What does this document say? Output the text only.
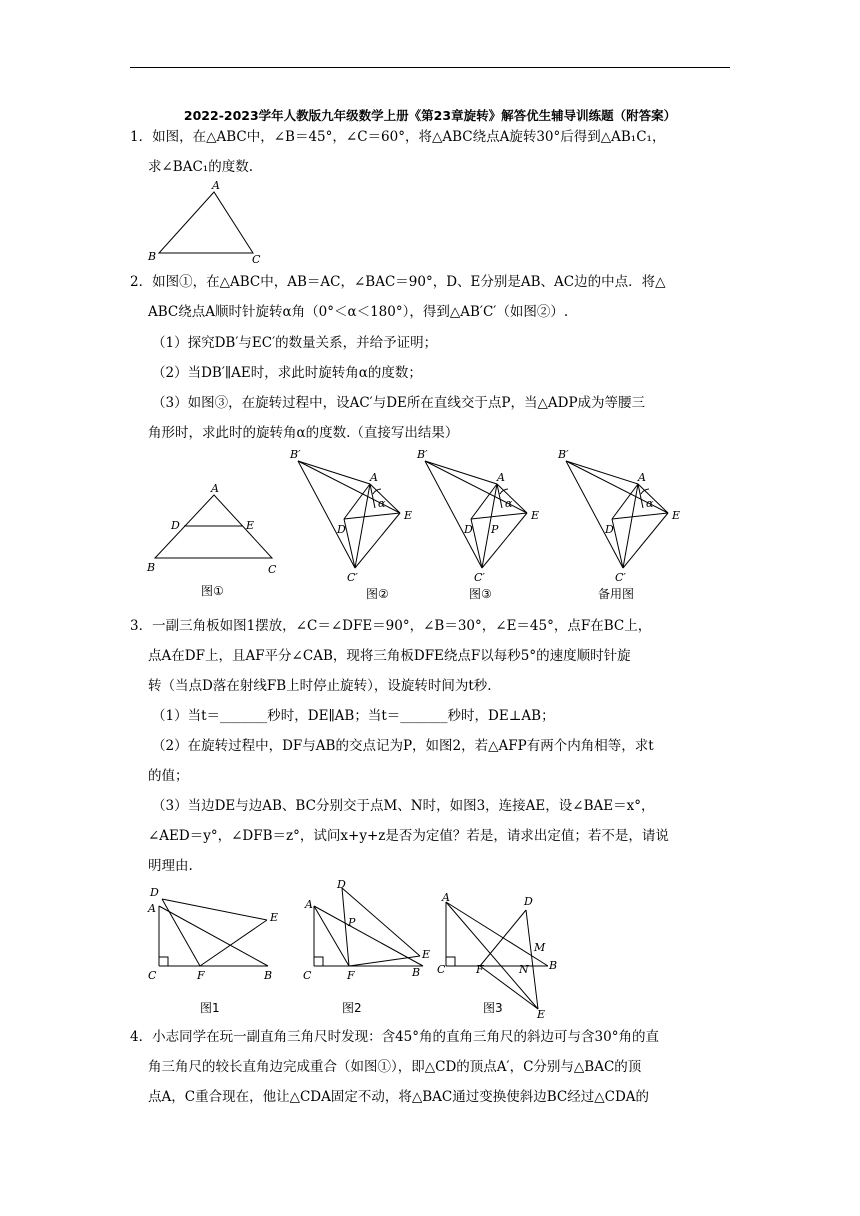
2022-2023学年人教版九年级数学上册《第23章旋转》解答优生辅导训练题（附答案）
1．如图，在△ABC中，∠B＝45°，∠C＝60°，将△ABC绕点A旋转30°后得到△AB₁C₁，
求∠BAC₁的度数.
A
B	C
2．如图①，在△ABC中，AB＝AC，∠BAC＝90°，D、E分别是AB、AC边的中点．将△
ABC绕点A顺时针旋转α角（0°＜α＜180°），得到△AB′C′（如图②）.
（1）探究DB′与EC′的数量关系，并给予证明；
（2）当DB′∥AE时，求此时旋转角α的度数；
（3）如图③，在旋转过程中，设AC′与DE所在直线交于点P，当△ADP成为等腰三
角形时，求此时的旋转角α的度数.（直接写出结果）
A
D	E
B	C
图①
B′
A
α
D
E
C′
图②
B′
A
α
D P
E
C′
图③
B′
A
α
D
E
C′
备用图
3．一副三角板如图1摆放，∠C＝∠DFE＝90°，∠B＝30°，∠E＝45°，点F在BC上，
点A在DF上，且AF平分∠CAB，现将三角板DFE绕点F以每秒5°的速度顺时针旋
转（当点D落在射线FB上时停止旋转），设旋转时间为t秒.
（1）当t＝_______秒时，DE∥AB；当t＝_______秒时，DE⊥AB；
（2）在旋转过程中，DF与AB的交点记为P，如图2，若△AFP有两个内角相等，求t
的值；
（3）当边DE与边AB、BC分别交于点M、N时，如图3，连接AE，设∠BAE＝x°，
∠AED＝y°，∠DFB＝z°，试问x+y+z是否为定值？若是，请求出定值；若不是，请说
明理由.
D
A
E
C	F	B
图1
D
A
P
E
C	F	B
图2
A	D
M
N
C	F	B
E
图3
4．小志同学在玩一副直角三角尺时发现：含45°角的直角三角尺的斜边可与含30°角的直
角三角尺的较长直角边完成重合（如图①），即△CD的顶点A′，C分别与△BAC的顶
点A，C重合现在，他让△CDA固定不动，将△BAC通过变换使斜边BC经过△CDA的
